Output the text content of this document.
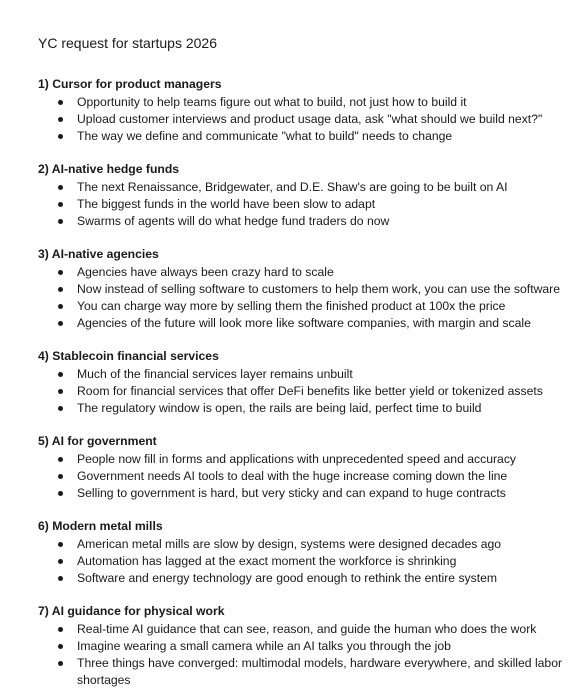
YC request for startups 2026
1) Cursor for product managers
Opportunity to help teams figure out what to build, not just how to build it
Upload customer interviews and product usage data, ask "what should we build next?"
The way we define and communicate "what to build" needs to change
2) AI-native hedge funds
The next Renaissance, Bridgewater, and D.E. Shaw's are going to be built on AI
The biggest funds in the world have been slow to adapt
Swarms of agents will do what hedge fund traders do now
3) AI-native agencies
Agencies have always been crazy hard to scale
Now instead of selling software to customers to help them work, you can use the software
You can charge way more by selling them the finished product at 100x the price
Agencies of the future will look more like software companies, with margin and scale
4) Stablecoin financial services
Much of the financial services layer remains unbuilt
Room for financial services that offer DeFi benefits like better yield or tokenized assets
The regulatory window is open, the rails are being laid, perfect time to build
5) AI for government
People now fill in forms and applications with unprecedented speed and accuracy
Government needs AI tools to deal with the huge increase coming down the line
Selling to government is hard, but very sticky and can expand to huge contracts
6) Modern metal mills
American metal mills are slow by design, systems were designed decades ago
Automation has lagged at the exact moment the workforce is shrinking
Software and energy technology are good enough to rethink the entire system
7) AI guidance for physical work
Real-time AI guidance that can see, reason, and guide the human who does the work
Imagine wearing a small camera while an AI talks you through the job
Three things have converged: multimodal models, hardware everywhere, and skilled labor shortages
